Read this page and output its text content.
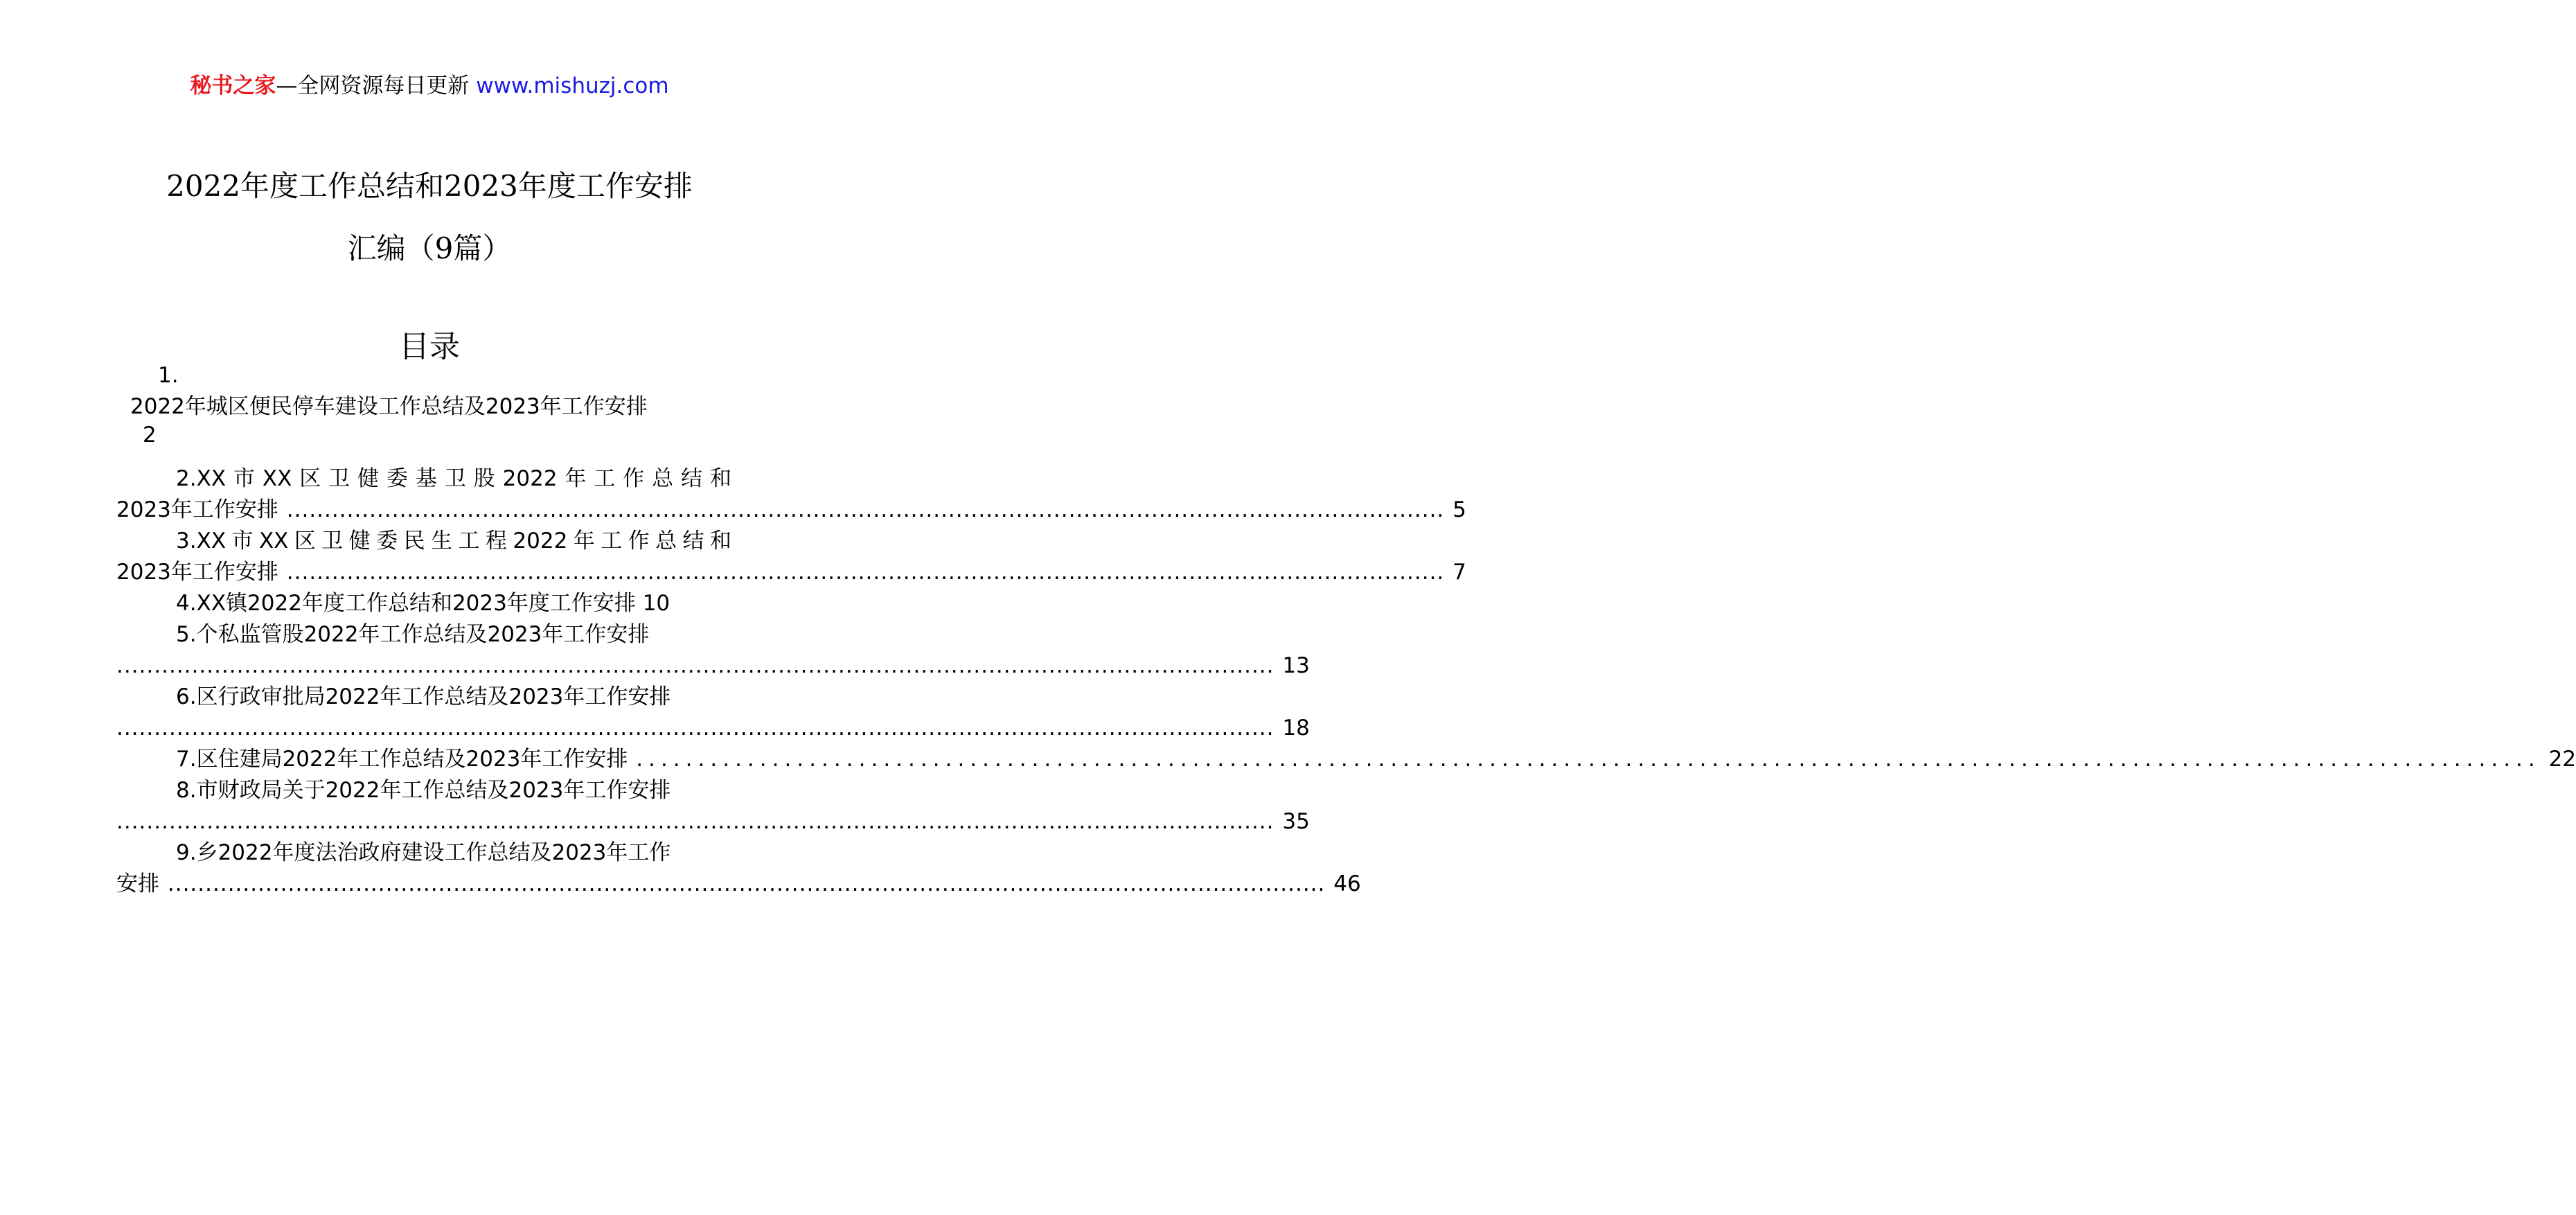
秘书之家—全网资源每日更新 www.mishuzj.com
2022年度工作总结和2023年度工作安排
汇编（9篇）
目录
1.
2022年城区便民停车建设工作总结及2023年工作安排
2
2.XX市XX区卫健委基卫股2022年工作总结和
2023年工作安排 .....	5
3.XX市XX区卫健委民生工程2022年工作总结和
2023年工作安排 .....	7
4.XX镇2022年度工作总结和2023年度工作安排 10
5.个私监管股2022年工作总结及2023年工作安排
..... 13
6.区行政审批局2022年工作总结及2023年工作安排
..... 18
7.区住建局2022年工作总结及2023年工作安排 .....	22
8.市财政局关于2022年工作总结及2023年工作安排
..... 35
9.乡2022年度法治政府建设工作总结及2023年工作
安排 .....	46
